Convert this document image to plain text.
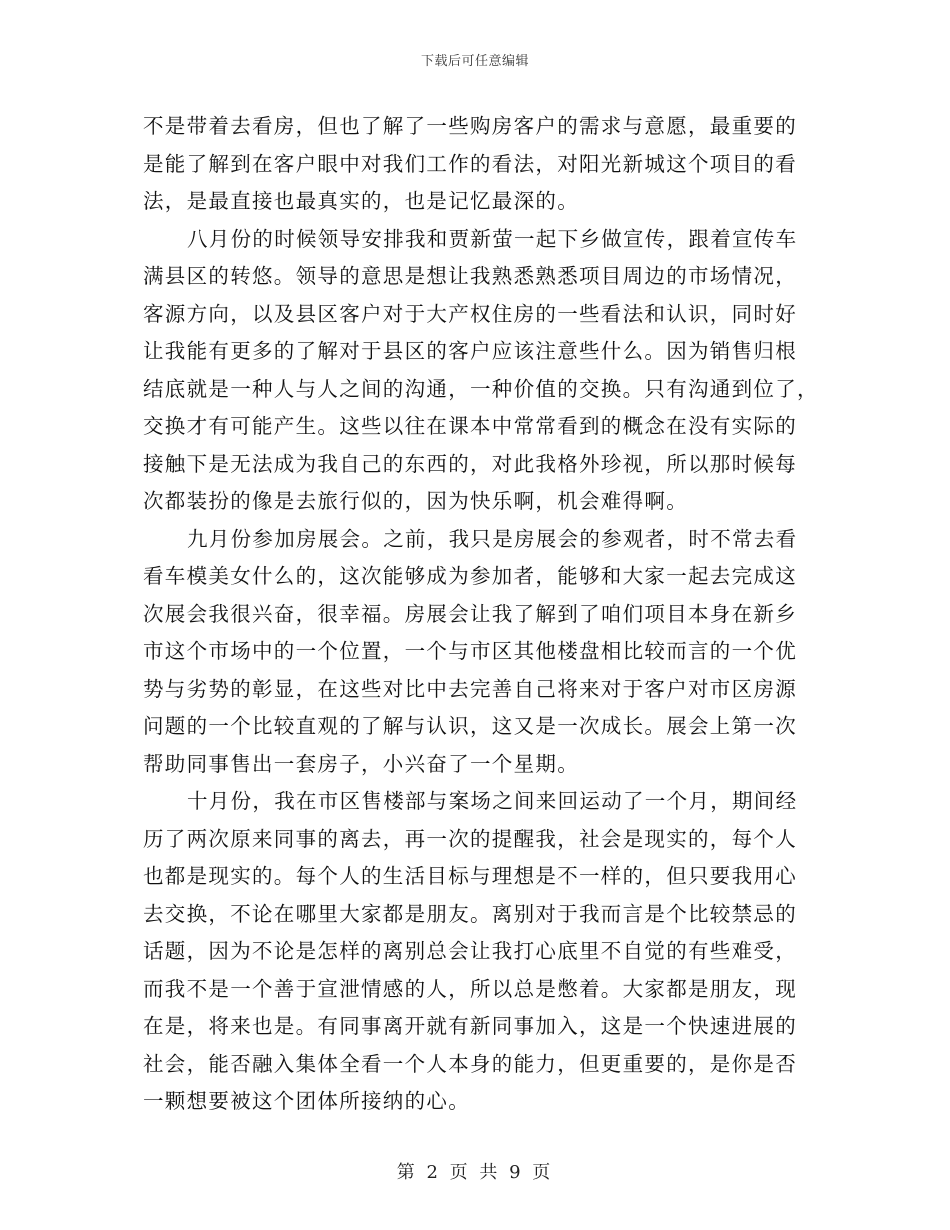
下载后可任意编辑
不是带着去看房，但也了解了一些购房客户的需求与意愿，最重要的
是能了解到在客户眼中对我们工作的看法，对阳光新城这个项目的看
法，是最直接也最真实的，也是记忆最深的。
八月份的时候领导安排我和贾新萤一起下乡做宣传，跟着宣传车
满县区的转悠。领导的意思是想让我熟悉熟悉项目周边的市场情况，
客源方向，以及县区客户对于大产权住房的一些看法和认识，同时好
让我能有更多的了解对于县区的客户应该注意些什么。因为销售归根
结底就是一种人与人之间的沟通，一种价值的交换。只有沟通到位了，
交换才有可能产生。这些以往在课本中常常看到的概念在没有实际的
接触下是无法成为我自己的东西的，对此我格外珍视，所以那时候每
次都装扮的像是去旅行似的，因为快乐啊，机会难得啊。
九月份参加房展会。之前，我只是房展会的参观者，时不常去看
看车模美女什么的，这次能够成为参加者，能够和大家一起去完成这
次展会我很兴奋，很幸福。房展会让我了解到了咱们项目本身在新乡
市这个市场中的一个位置，一个与市区其他楼盘相比较而言的一个优
势与劣势的彰显，在这些对比中去完善自己将来对于客户对市区房源
问题的一个比较直观的了解与认识，这又是一次成长。展会上第一次
帮助同事售出一套房子，小兴奋了一个星期。
十月份，我在市区售楼部与案场之间来回运动了一个月，期间经
历了两次原来同事的离去，再一次的提醒我，社会是现实的，每个人
也都是现实的。每个人的生活目标与理想是不一样的，但只要我用心
去交换，不论在哪里大家都是朋友。离别对于我而言是个比较禁忌的
话题，因为不论是怎样的离别总会让我打心底里不自觉的有些难受，
而我不是一个善于宣泄情感的人，所以总是憋着。大家都是朋友，现
在是，将来也是。有同事离开就有新同事加入，这是一个快速进展的
社会，能否融入集体全看一个人本身的能力，但更重要的，是你是否
一颗想要被这个团体所接纳的心。
第 2 页 共 9 页
